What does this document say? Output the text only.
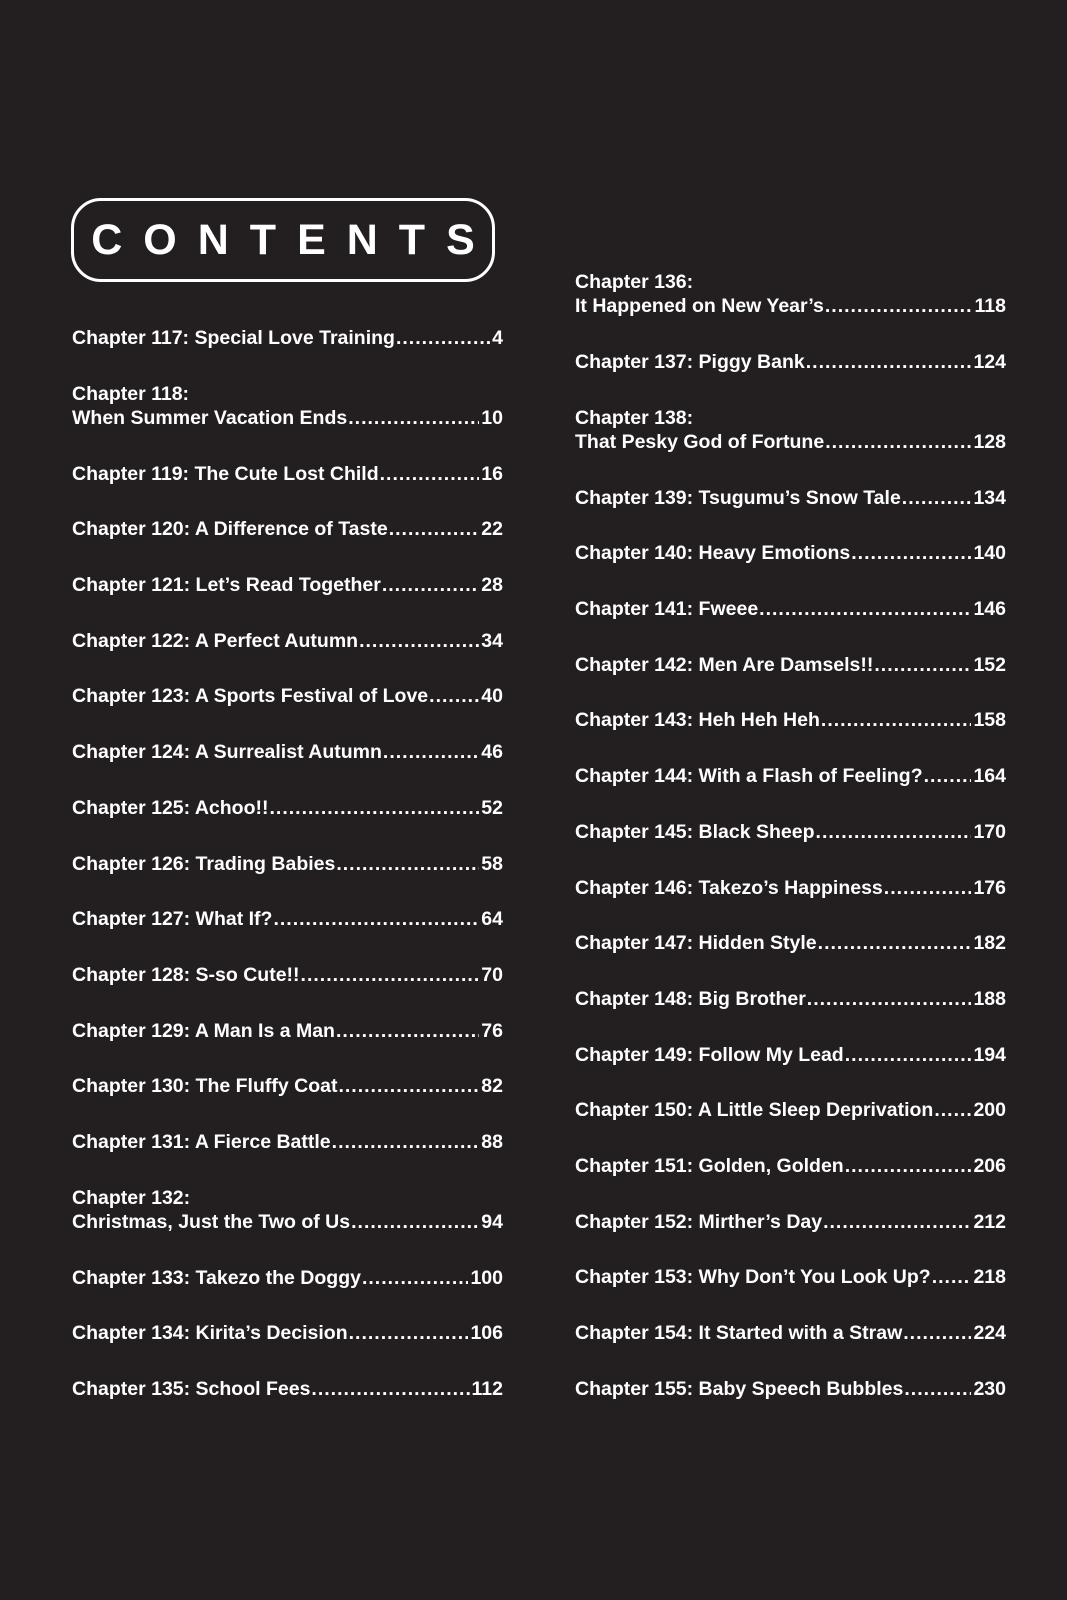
CONTENTS
Chapter 117: Special Love Training .....	4
Chapter 118:
When Summer Vacation Ends .....	10
Chapter 119: The Cute Lost Child .....	16
Chapter 120: A Difference of Taste .....	22
Chapter 121: Let’s Read Together .....	28
Chapter 122: A Perfect Autumn .....	34
Chapter 123: A Sports Festival of Love .....	40
Chapter 124: A Surrealist Autumn .....	46
Chapter 125: Achoo!! .....	52
Chapter 126: Trading Babies .....	58
Chapter 127: What If? .....	64
Chapter 128: S-so Cute!! .....	70
Chapter 129: A Man Is a Man .....	76
Chapter 130: The Fluffy Coat .....	82
Chapter 131: A Fierce Battle .....	88
Chapter 132:
Christmas, Just the Two of Us .....	94
Chapter 133: Takezo the Doggy .....	100
Chapter 134: Kirita’s Decision .....	106
Chapter 135: School Fees .....	112
Chapter 136:
It Happened on New Year’s .....	118
Chapter 137: Piggy Bank .....	124
Chapter 138:
That Pesky God of Fortune .....	128
Chapter 139: Tsugumu’s Snow Tale .....	134
Chapter 140: Heavy Emotions .....	140
Chapter 141: Fweee .....	146
Chapter 142: Men Are Damsels!! .....	152
Chapter 143: Heh Heh Heh .....	158
Chapter 144: With a Flash of Feeling? .....	164
Chapter 145: Black Sheep .....	170
Chapter 146: Takezo’s Happiness .....	176
Chapter 147: Hidden Style .....	182
Chapter 148: Big Brother .....	188
Chapter 149: Follow My Lead .....	194
Chapter 150: A Little Sleep Deprivation ..... 200
Chapter 151: Golden, Golden .....	206
Chapter 152: Mirther’s Day .....	212
Chapter 153: Why Don’t You Look Up? ..... 218
Chapter 154: It Started with a Straw .....	224
Chapter 155: Baby Speech Bubbles .....	230
